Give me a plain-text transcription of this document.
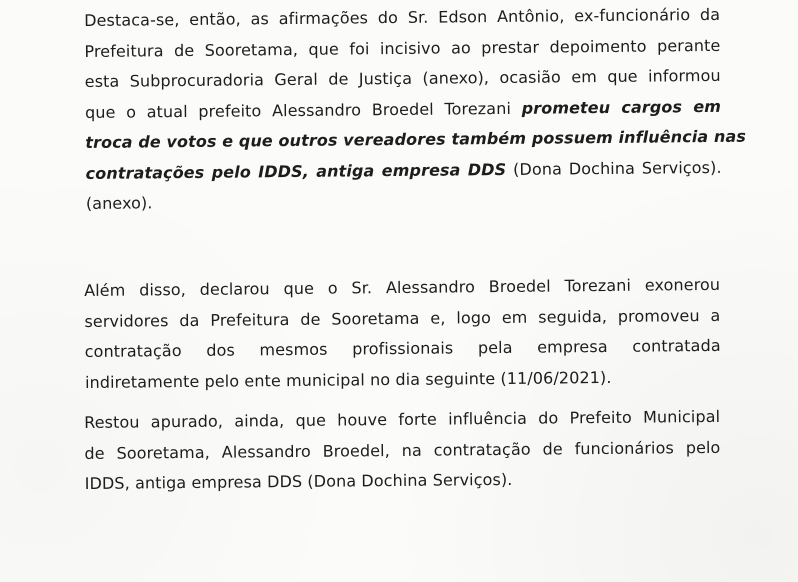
Destaca-se, então, as afirmações do Sr. Edson Antônio, ex-funcionário da
Prefeitura de Sooretama, que foi incisivo ao prestar depoimento perante
esta Subprocuradoria Geral de Justiça (anexo), ocasião em que informou
que o atual prefeito Alessandro Broedel Torezani prometeu cargos em
troca de votos e que outros vereadores também possuem influência nas
contratações pelo IDDS, antiga empresa DDS (Dona Dochina Serviços).
(anexo).
Além disso, declarou que o Sr. Alessandro Broedel Torezani exonerou
servidores da Prefeitura de Sooretama e, logo em seguida, promoveu a
contratação dos mesmos profissionais pela empresa contratada
indiretamente pelo ente municipal no dia seguinte (11/06/2021).
Restou apurado, ainda, que houve forte influência do Prefeito Municipal
de Sooretama, Alessandro Broedel, na contratação de funcionários pelo
IDDS, antiga empresa DDS (Dona Dochina Serviços).
